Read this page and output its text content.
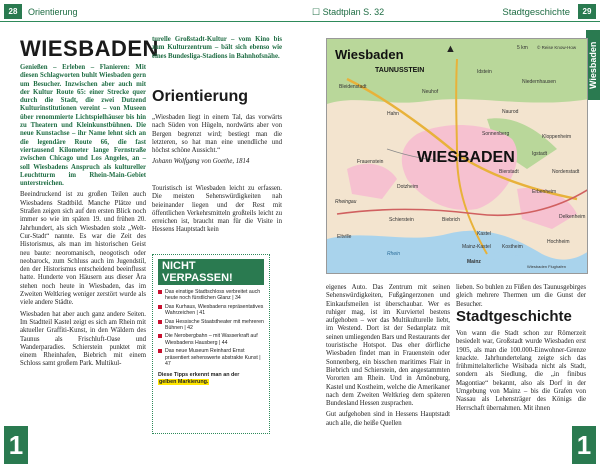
28	Orientierung
WIESBADEN

Genießen – Erleben – Flanieren: Mit diesen Schlagworten buhlt Wiesbaden gern um Besucher. Inzwischen aber auch mit der Kultur Route 65: einer Strecke quer durch die Stadt, die zwei Dutzend Kulturinstitutionen vereint – von Museen über renommierte Lichtspielhäuser bis hin zu Theatern und Kleinkunstbühnen. Die neue Kunstachse – ihr Name lehnt sich an die legendäre Route 66, die fast viertausend Kilometer lange Fernstraße zwischen Chicago und Los Angeles, an – soll Wiesbadens Anspruch als kultureller Leuchtturm im Rhein-Main-Gebiet unterstreichen.

Beeindruckend ist zu großen Teilen auch Wiesbadens Stadtbild. Manche Plätze und Straßen zeigen sich auf den ersten Blick noch immer so wie im späten 19. und frühen 20. Jahrhundert, als sich Wiesbaden stolz „Welt-Cur-Stadt“ nannte. Es war die Zeit des Historismus, als man im historischen Geist neu baute: neoromanisch, neogotisch oder neobarock, zum Schluss auch im Jugendstil, den der Historismus entscheidend beeinflusst hatte. Hunderte von Häusern aus dieser Ära stehen noch heute in Wiesbaden, das im Zweiten Weltkrieg weniger zerstört wurde als viele andere Städte.

Wiesbaden hat aber auch ganz andere Seiten. Im Stadtteil Kastel zeigt es sich am Rhein mit aktueller Graffiti-Kunst, in den Wäldern des Taunus als Frischluft-Oase und Wanderparadies. Schierstein punktet mit einem Rheinhafen, Biebrich mit einem Schloss samt großem Park. Multikul-

turelle Großstadt-Kultur – vom Kino bis zum Kulturzentrum – bält sich ebenso wie eines Bundesliga-Stadions in Bahnhofsnähe.

Orientierung

„Wiesbaden liegt in einem Tal, das vorwärts nach Süden von Hügeln, nordwärts aber von Bergen begrenzt wird; bestiegt man die letzteren, so hat man eine unendliche und höchst schöne Aussicht.“

Johann Wolfgang von Goethe, 1814

Touristisch ist Wiesbaden leicht zu erfassen. Die meisten Sehenswürdigkeiten nah beieinander liegen und der Rest mit öffentlichen Verkehrsmitteln großteils leicht zu erreichen ist, braucht man für die Visite in Hessens Hauptstadt kein

NICHT VERPASSEN!
Das einstige Stadtschloss verbreitet auch heute noch fürstlichen Glanz | 34
Das Kurhaus, Wiesbadens repräsentatives Wahrzeichen | 41
Das Hessische Staatstheater mit mehreren Bühnen | 42
Die Nerobergbahn – mit Wasserkraft auf Wiesbadens Hausberg | 44
Das neue Museum Reinhard Ernst präsentiert sehenswerte abstrakte Kunst | 47
Diese Tipps erkennt man an der
gelben Markierung.
1
☐ Stadtplan S. 32	Stadtgeschichte	29
Wiesbaden
Wiesbaden
TAUNUSSTEIN
WIESBADEN
▲	5 km © Reise Know-How
Bleidenstadt
Hahn
Neuhof
Idstein
Niedernhausen
Naurod
Sonnenberg
Bierstadt
Erbenheim
Kloppenheim
Nordenstadt
Delkenheim
Igstadt
Biebrich
Schierstein
Frauenstein
Dotzheim
Eltville
Kostheim
Mainz
Kastel
Hochheim
Wiesbaden Flughafen
Rhein
Mainz-Kastel
Rheingau

eigenes Auto. Das Zentrum mit seinen Sehenswürdigkeiten, Fußgängerzonen und Einkaufsmeilen ist überschaubar. Wer es ruhiger mag, ist im Kurviertel bestens aufgehoben – wer das Multikulturelle liebt, im Westend. Dort ist der Sedanplatz mit seinen umliegenden Bars und Restaurants der touristische Hotspot. Das eher dörfliche Wiesbaden findet man in Frauenstein oder Sonnenberg, ein bisschen maritimes Flair in Biebrich und Schierstein, den angestammten Vororten am Rhein. Und in Amöneburg, Kastel und Kostheim, welche die Amerikaner nach dem Zweiten Weltkrieg dem späteren Bundesland Hessen zusprachen.

Gut aufgehoben sind in Hessens Hauptstadt auch alle, die heiße Quellen

lieben. So buhlen zu Füßen des Taunusgebirges gleich mehrere Thermen um die Gunst der Besucher.

Stadtgeschichte

Von wann die Stadt schon zur Römerzeit besiedelt war, Großstadt wurde Wiesbaden erst 1905, als man die 100.000-Einwohner-Grenze knackte. Jahrhundertelang zeigte sich das frühmittelalterliche Wisibada nicht als Stadt, sondern als Siedlung, die „in finibus Magontiae“ bekannt, also als Dorf in der Umgebung von Mainz – bis die Grafen von Nassau als Lehensträger des Königs die Herrschaft übernahmen. Mit ihnen

1
